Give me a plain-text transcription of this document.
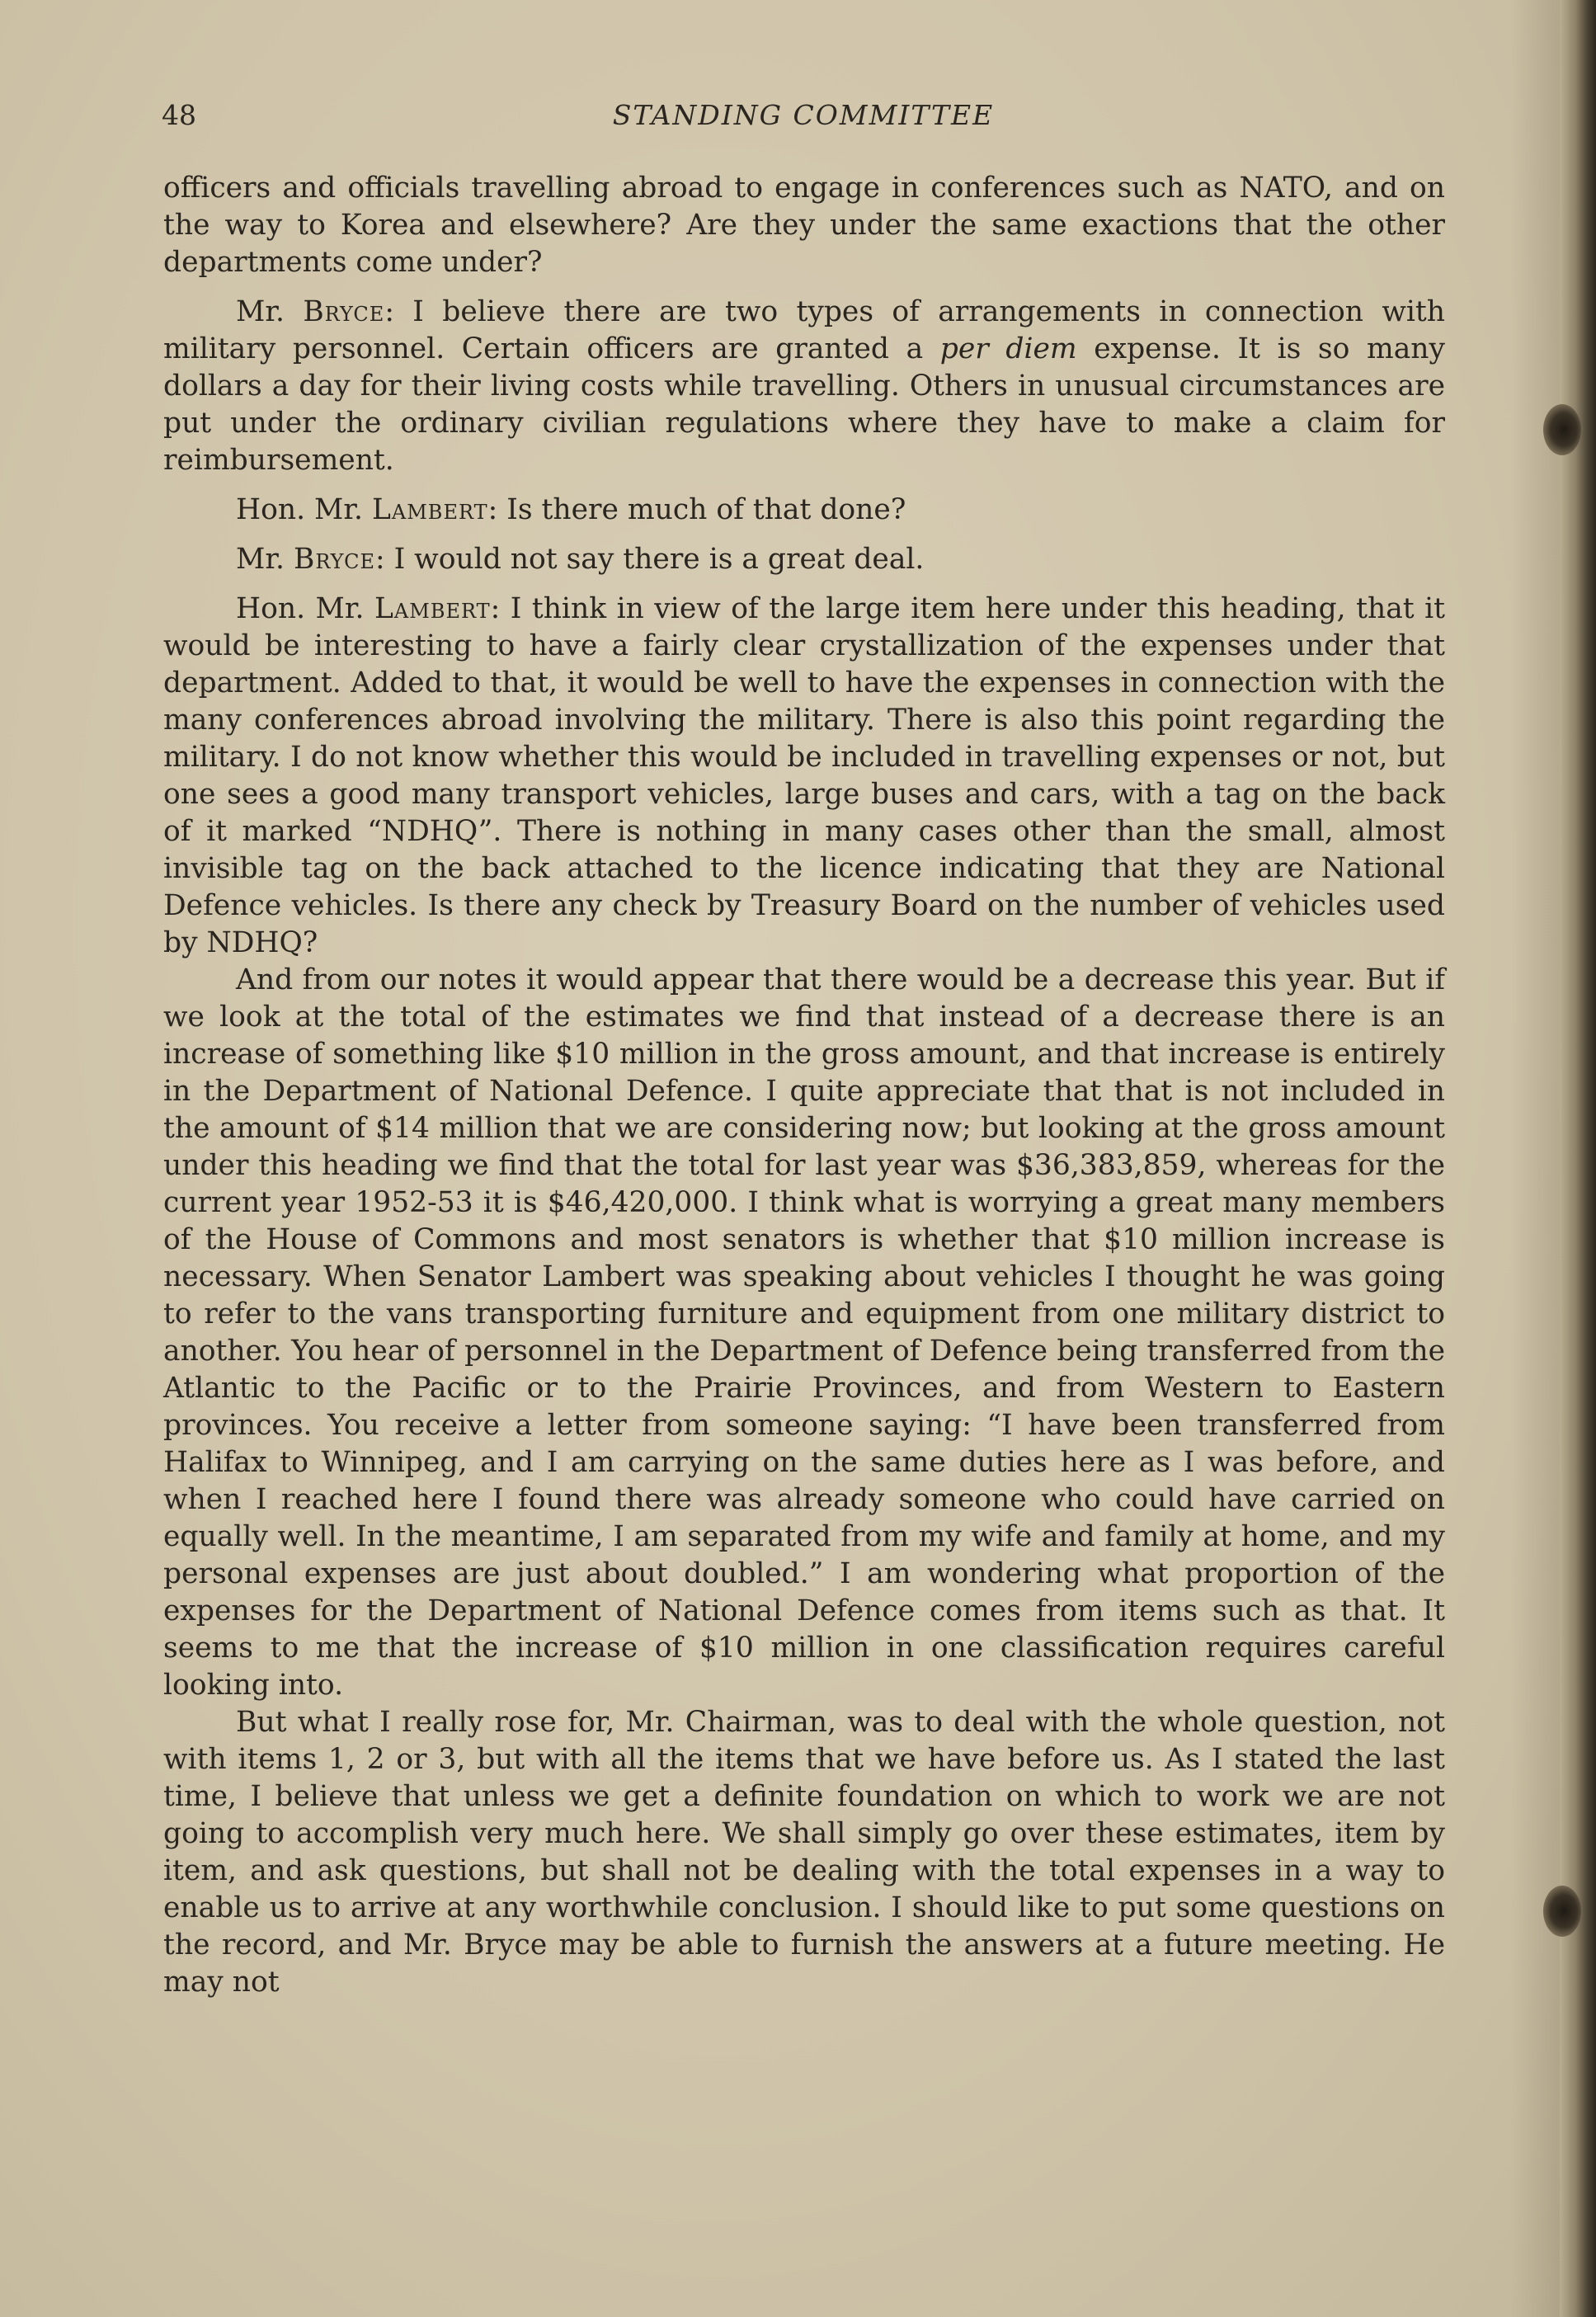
48	STANDING COMMITTEE

officers and officials travelling abroad to engage in conferences such as NATO, and on the way to Korea and elsewhere? Are they under the same exactions that the other departments come under?

Mr. Bryce: I believe there are two types of arrangements in connection with military personnel. Certain officers are granted a per diem expense. It is so many dollars a day for their living costs while travelling. Others in unusual circumstances are put under the ordinary civilian regulations where they have to make a claim for reimbursement.

Hon. Mr. Lambert: Is there much of that done?

Mr. Bryce: I would not say there is a great deal.

Hon. Mr. Lambert: I think in view of the large item here under this heading, that it would be interesting to have a fairly clear crystallization of the expenses under that department. Added to that, it would be well to have the expenses in connection with the many conferences abroad involving the military. There is also this point regarding the military. I do not know whether this would be included in travelling expenses or not, but one sees a good many transport vehicles, large buses and cars, with a tag on the back of it marked “NDHQ”. There is nothing in many cases other than the small, almost invisible tag on the back attached to the licence indicating that they are National Defence vehicles. Is there any check by Treasury Board on the number of vehicles used by NDHQ?

And from our notes it would appear that there would be a decrease this year. But if we look at the total of the estimates we find that instead of a decrease there is an increase of something like $10 million in the gross amount, and that increase is entirely in the Department of National Defence. I quite appreciate that that is not included in the amount of $14 million that we are considering now; but looking at the gross amount under this heading we find that the total for last year was $36,383,859, whereas for the current year 1952-53 it is $46,420,000. I think what is worrying a great many members of the House of Commons and most senators is whether that $10 million increase is necessary. When Senator Lambert was speaking about vehicles I thought he was going to refer to the vans transporting furniture and equipment from one military district to another. You hear of personnel in the Department of Defence being transferred from the Atlantic to the Pacific or to the Prairie Provinces, and from Western to Eastern provinces. You receive a letter from someone saying: “I have been transferred from Halifax to Winnipeg, and I am carrying on the same duties here as I was before, and when I reached here I found there was already someone who could have carried on equally well. In the meantime, I am separated from my wife and family at home, and my personal expenses are just about doubled.” I am wondering what proportion of the expenses for the Department of National Defence comes from items such as that. It seems to me that the increase of $10 million in one classification requires careful looking into.

But what I really rose for, Mr. Chairman, was to deal with the whole question, not with items 1, 2 or 3, but with all the items that we have before us. As I stated the last time, I believe that unless we get a definite foundation on which to work we are not going to accomplish very much here. We shall simply go over these estimates, item by item, and ask questions, but shall not be dealing with the total expenses in a way to enable us to arrive at any worthwhile conclusion. I should like to put some questions on the record, and Mr. Bryce may be able to furnish the answers at a future meeting. He may not
